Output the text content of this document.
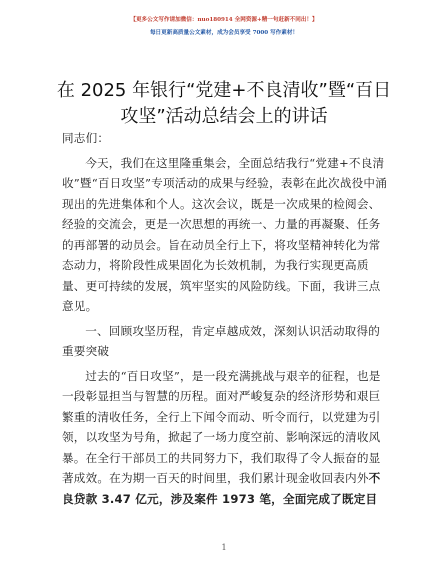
【更多公文写作请加微信：nuo180914 全网资源+精一句赶新不同出！】
每日更新高质量公文素材，成为会员享受 7000 写作素材！
在 2025 年银行“党建+不良清收”暨“百日攻坚”活动总结会上的讲话

同志们：

今天，我们在这里隆重集会，全面总结我行“党建+不良清收”暨“百日攻坚”专项活动的成果与经验，表彰在此次战役中涌现出的先进集体和个人。这次会议，既是一次成果的检阅会、经验的交流会，更是一次思想的再统一、力量的再凝聚、任务的再部署的动员会。旨在动员全行上下，将攻坚精神转化为常态动力，将阶段性成果固化为长效机制，为我行实现更高质量、更可持续的发展，筑牢坚实的风险防线。下面，我讲三点意见。

一、回顾攻坚历程，肯定卓越成效，深刻认识活动取得的重要突破

过去的“百日攻坚”，是一段充满挑战与艰辛的征程，也是一段彰显担当与智慧的历程。面对严峻复杂的经济形势和艰巨繁重的清收任务，全行上下闻令而动、听令而行，以党建为引领，以攻坚为号角，掀起了一场力度空前、影响深远的清收风暴。在全行干部员工的共同努力下，我们取得了令人振奋的显著成效。在为期一百天的时间里，我们累计现金收回表内外不良贷款 3.47 亿元，涉及案件 1973 笔，全面完成了既定目

1
